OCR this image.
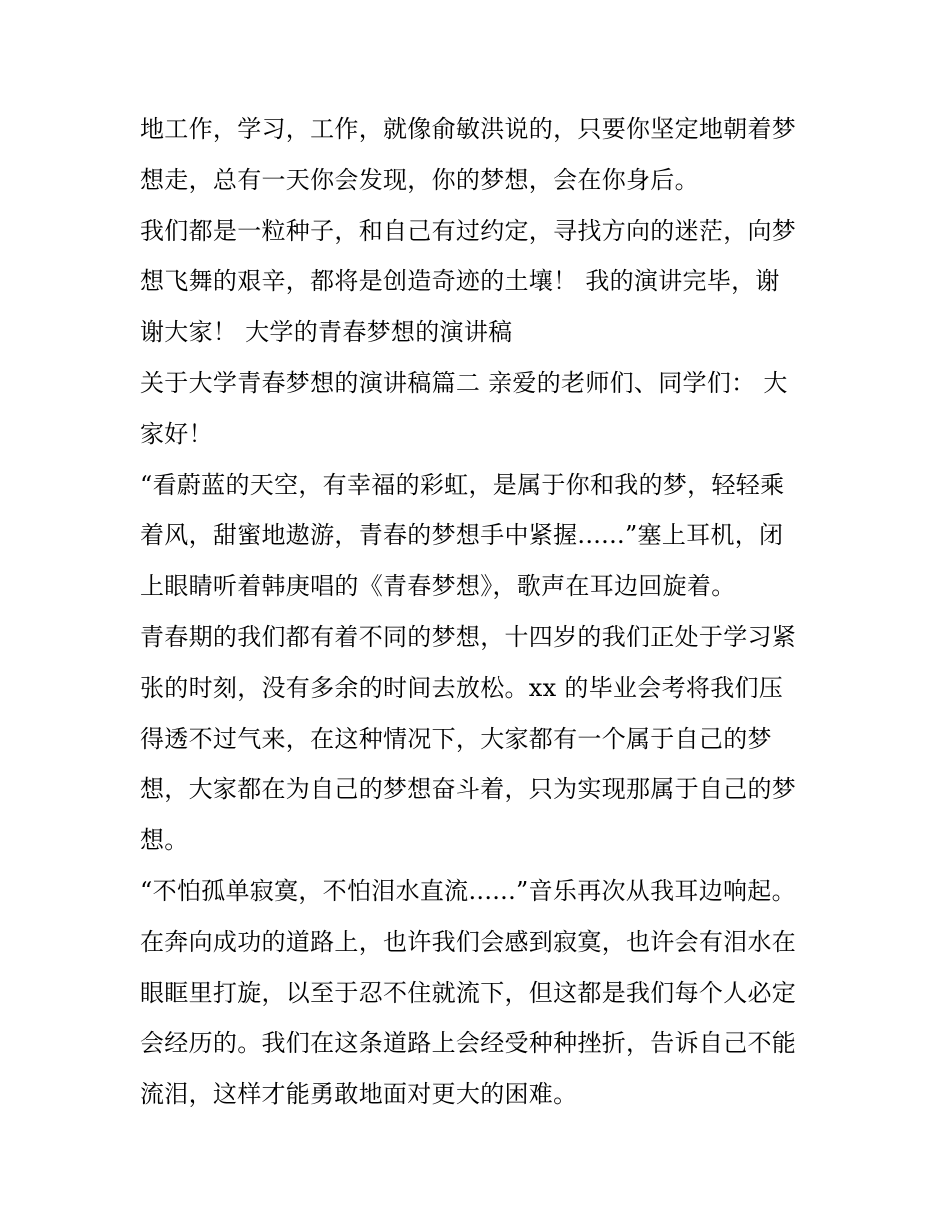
地工作，学习，工作，就像俞敏洪说的，只要你坚定地朝着梦
想走，总有一天你会发现，你的梦想，会在你身后。
我们都是一粒种子，和自己有过约定，寻找方向的迷茫，向梦
想飞舞的艰辛，都将是创造奇迹的土壤！ 我的演讲完毕，谢
谢大家！ 大学的青春梦想的演讲稿
关于大学青春梦想的演讲稿篇二 亲爱的老师们、同学们： 大
家好！
“看蔚蓝的天空，有幸福的彩虹，是属于你和我的梦，轻轻乘
着风，甜蜜地遨游，青春的梦想手中紧握......”塞上耳机，闭
上眼睛听着韩庚唱的《青春梦想》，歌声在耳边回旋着。
青春期的我们都有着不同的梦想，十四岁的我们正处于学习紧
张的时刻，没有多余的时间去放松。xx 的毕业会考将我们压
得透不过气来，在这种情况下，大家都有一个属于自己的梦
想，大家都在为自己的梦想奋斗着，只为实现那属于自己的梦
想。
“不怕孤单寂寞，不怕泪水直流......”音乐再次从我耳边响起。
在奔向成功的道路上，也许我们会感到寂寞，也许会有泪水在
眼眶里打旋，以至于忍不住就流下，但这都是我们每个人必定
会经历的。我们在这条道路上会经受种种挫折，告诉自己不能
流泪，这样才能勇敢地面对更大的困难。
